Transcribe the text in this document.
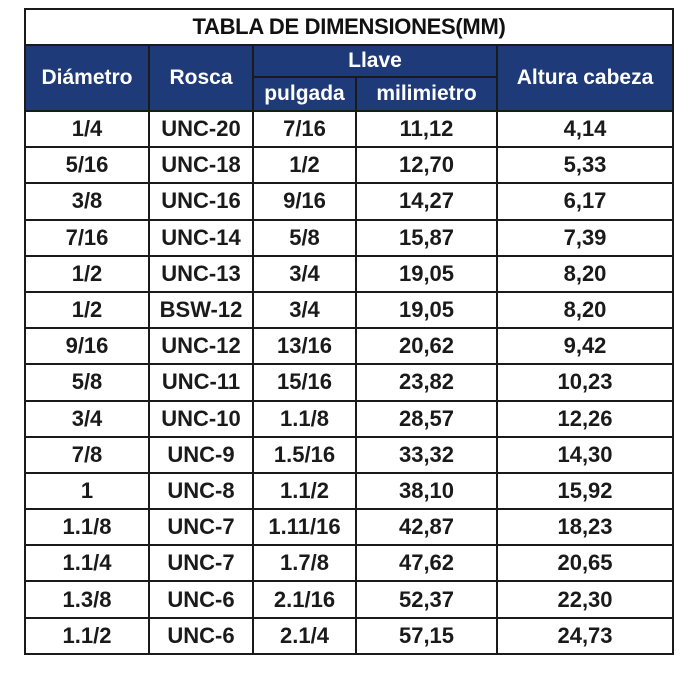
TABLA DE DIMENSIONES(MM)				
Diámetro	Rosca	Llave		Altura cabeza
		pulgada	milimietro	
1/4	UNC-20	7/16	11,12	4,14
5/16	UNC-18	1/2	12,70	5,33
3/8	UNC-16	9/16	14,27	6,17
7/16	UNC-14	5/8	15,87	7,39
1/2	UNC-13	3/4	19,05	8,20
1/2	BSW-12	3/4	19,05	8,20
9/16	UNC-12	13/16	20,62	9,42
5/8	UNC-11	15/16	23,82	10,23
3/4	UNC-10	1.1/8	28,57	12,26
7/8	UNC-9	1.5/16	33,32	14,30
1	UNC-8	1.1/2	38,10	15,92
1.1/8	UNC-7	1.11/16	42,87	18,23
1.1/4	UNC-7	1.7/8	47,62	20,65
1.3/8	UNC-6	2.1/16	52,37	22,30
1.1/2	UNC-6	2.1/4	57,15	24,73
